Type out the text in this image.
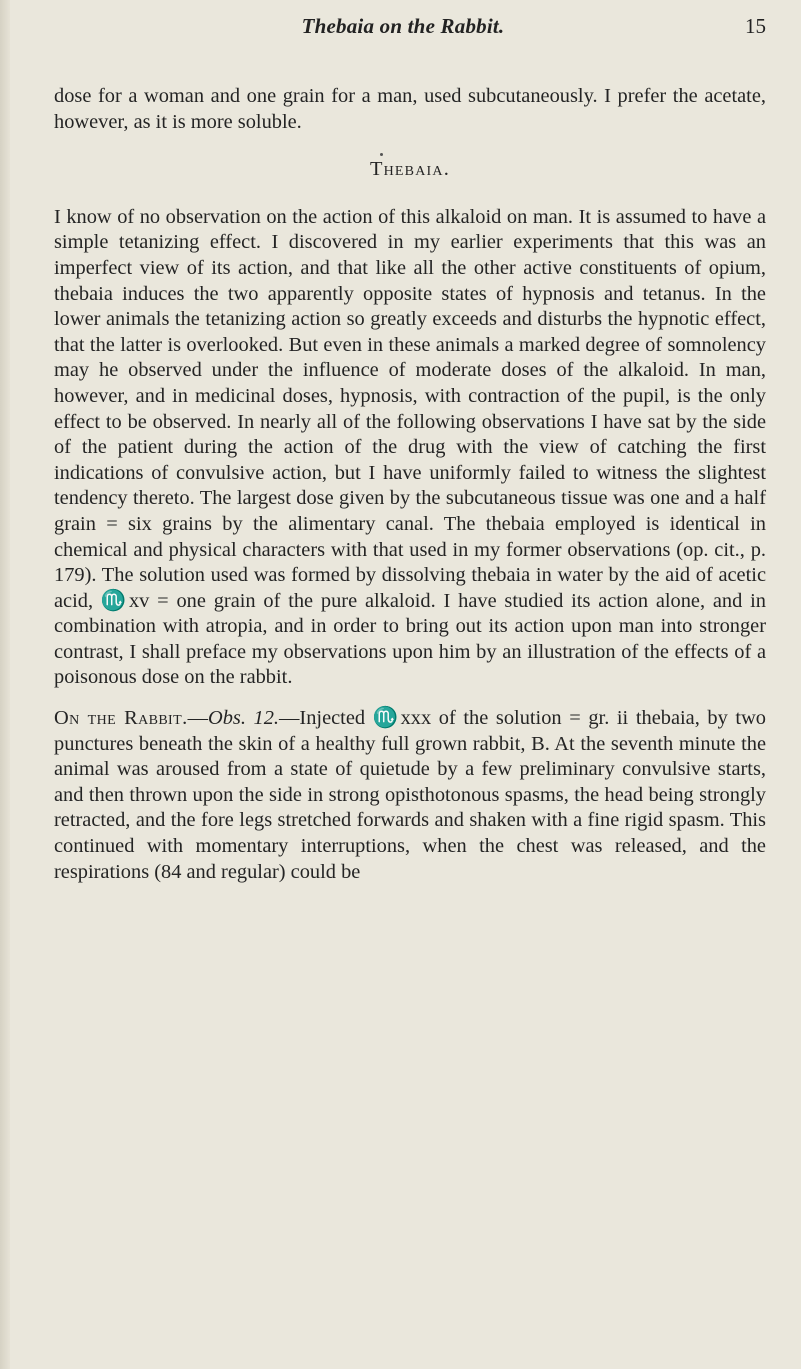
Thebaia on the Rabbit.	15

dose for a woman and one grain for a man, used subcutaneously. I prefer the acetate, however, as it is more soluble.

Thebaia.

I know of no observation on the action of this alkaloid on man. It is assumed to have a simple tetanizing effect. I discovered in my earlier experiments that this was an imperfect view of its action, and that like all the other active constituents of opium, thebaia induces the two apparently opposite states of hypnosis and tetanus. In the lower animals the tetanizing action so greatly exceeds and disturbs the hypnotic effect, that the latter is overlooked. But even in these animals a marked degree of somnolency may he observed under the influence of moderate doses of the alkaloid. In man, however, and in medicinal doses, hypnosis, with contraction of the pupil, is the only effect to be observed. In nearly all of the following observations I have sat by the side of the patient during the action of the drug with the view of catching the first indications of convulsive action, but I have uniformly failed to witness the slightest tendency thereto. The largest dose given by the subcutaneous tissue was one and a half grain = six grains by the alimentary canal. The thebaia employed is identical in chemical and physical characters with that used in my former observations (op. cit., p. 179). The solution used was formed by dissolving thebaia in water by the aid of acetic acid, ♏xv = one grain of the pure alkaloid. I have studied its action alone, and in combination with atropia, and in order to bring out its action upon man into stronger contrast, I shall preface my observations upon him by an illustration of the effects of a poisonous dose on the rabbit.

On the Rabbit.—Obs. 12.—Injected ♏xxx of the solution = gr. ii thebaia, by two punctures beneath the skin of a healthy full grown rabbit, B. At the seventh minute the animal was aroused from a state of quietude by a few preliminary convulsive starts, and then thrown upon the side in strong opisthotonous spasms, the head being strongly retracted, and the fore legs stretched forwards and shaken with a fine rigid spasm. This continued with momentary interruptions, when the chest was released, and the respirations (84 and regular) could be
